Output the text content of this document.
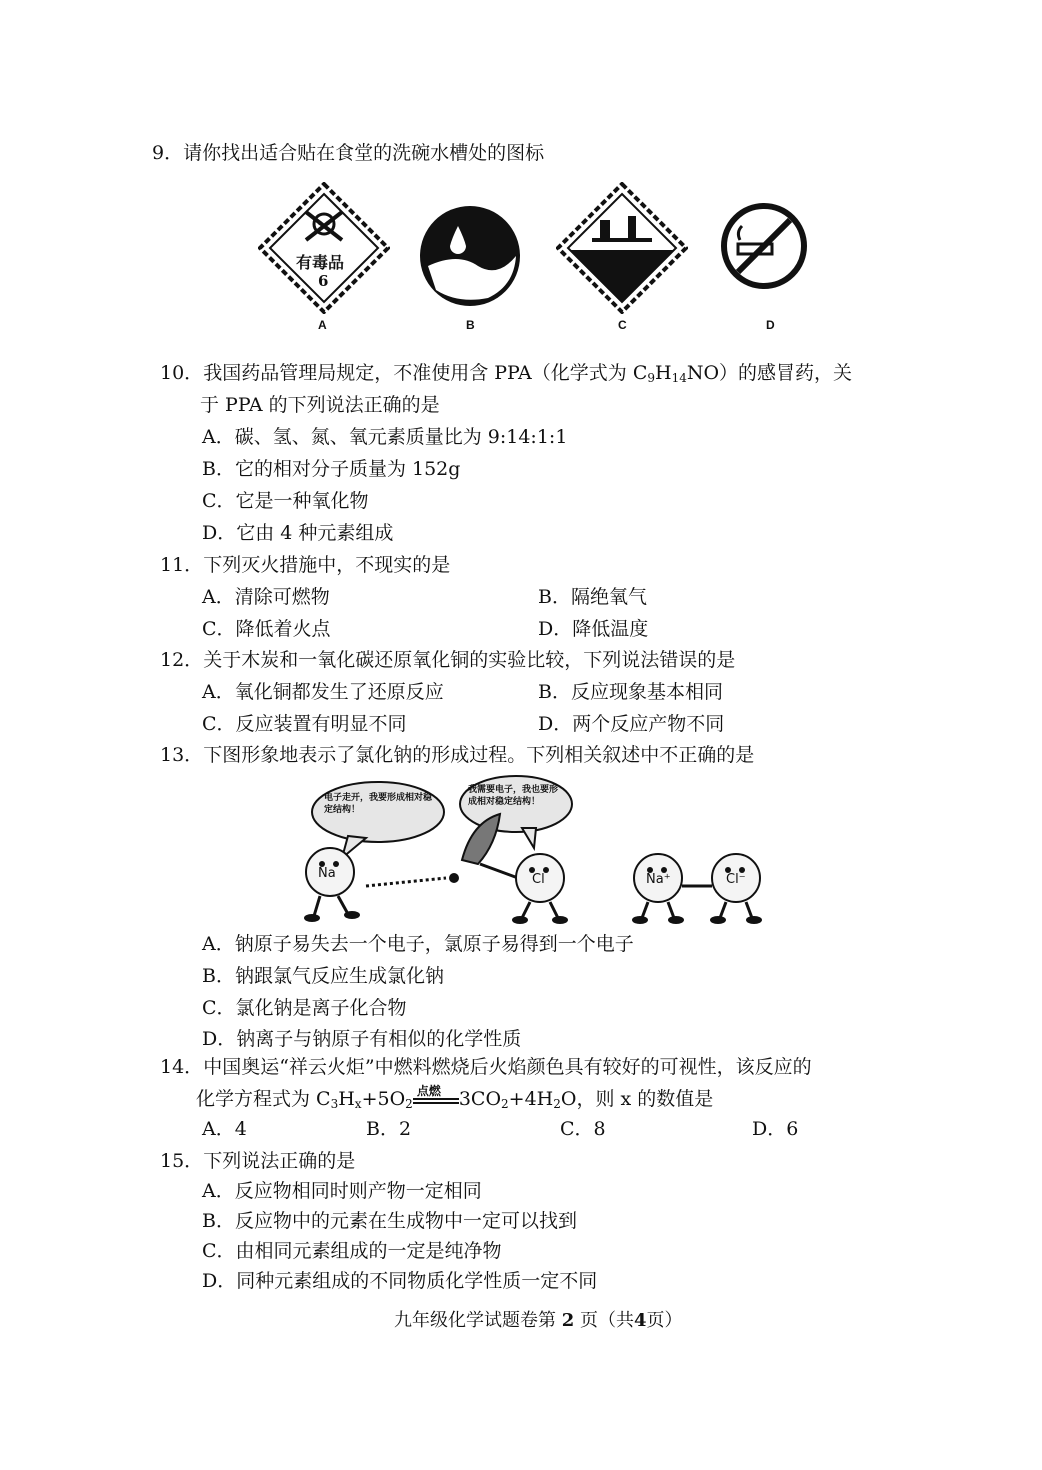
9．请你找出适合贴在食堂的洗碗水槽处的图标
有毒品
6
A	B	C	D
10．我国药品管理局规定，不准使用含 PPA（化学式为 $C_9H_{14}NO$）的感冒药，关
于 PPA 的下列说法正确的是
A．碳、氢、氮、氧元素质量比为 9:14:1:1
B．它的相对分子质量为 152g
C．它是一种氧化物
D．它由 4 种元素组成
11．下列灭火措施中，不现实的是
A．清除可燃物	B．隔绝氧气
C．降低着火点	D．降低温度
12．关于木炭和一氧化碳还原氧化铜的实验比较，下列说法错误的是
A．氧化铜都发生了还原反应	B．反应现象基本相同
C．反应装置有明显不同	D．两个反应产物不同
13．下图形象地表示了氯化钠的形成过程。下列相关叙述中不正确的是
电子走开，我要形成相对稳定结构！
我需要电子，我也要形成相对稳定结构！
Na	Cl	Na⁺	Cl⁻
A．钠原子易失去一个电子，氯原子易得到一个电子
B．钠跟氯气反应生成氯化钠
C．氯化钠是离子化合物
D．钠离子与钠原子有相似的化学性质
14．中国奥运“祥云火炬”中燃料燃烧后火焰颜色具有较好的可视性，该反应的
化学方程式为 $C_3H_x+5O_2$
点燃 $3CO_2+4H_2O$，则 x 的数值是
A．4	B．2	C．8	D．6
15．下列说法正确的是
A．反应物相同时则产物一定相同
B．反应物中的元素在生成物中一定可以找到
C．由相同元素组成的一定是纯净物
D．同种元素组成的不同物质化学性质一定不同
九年级化学试题卷第 2 页（共4页）
